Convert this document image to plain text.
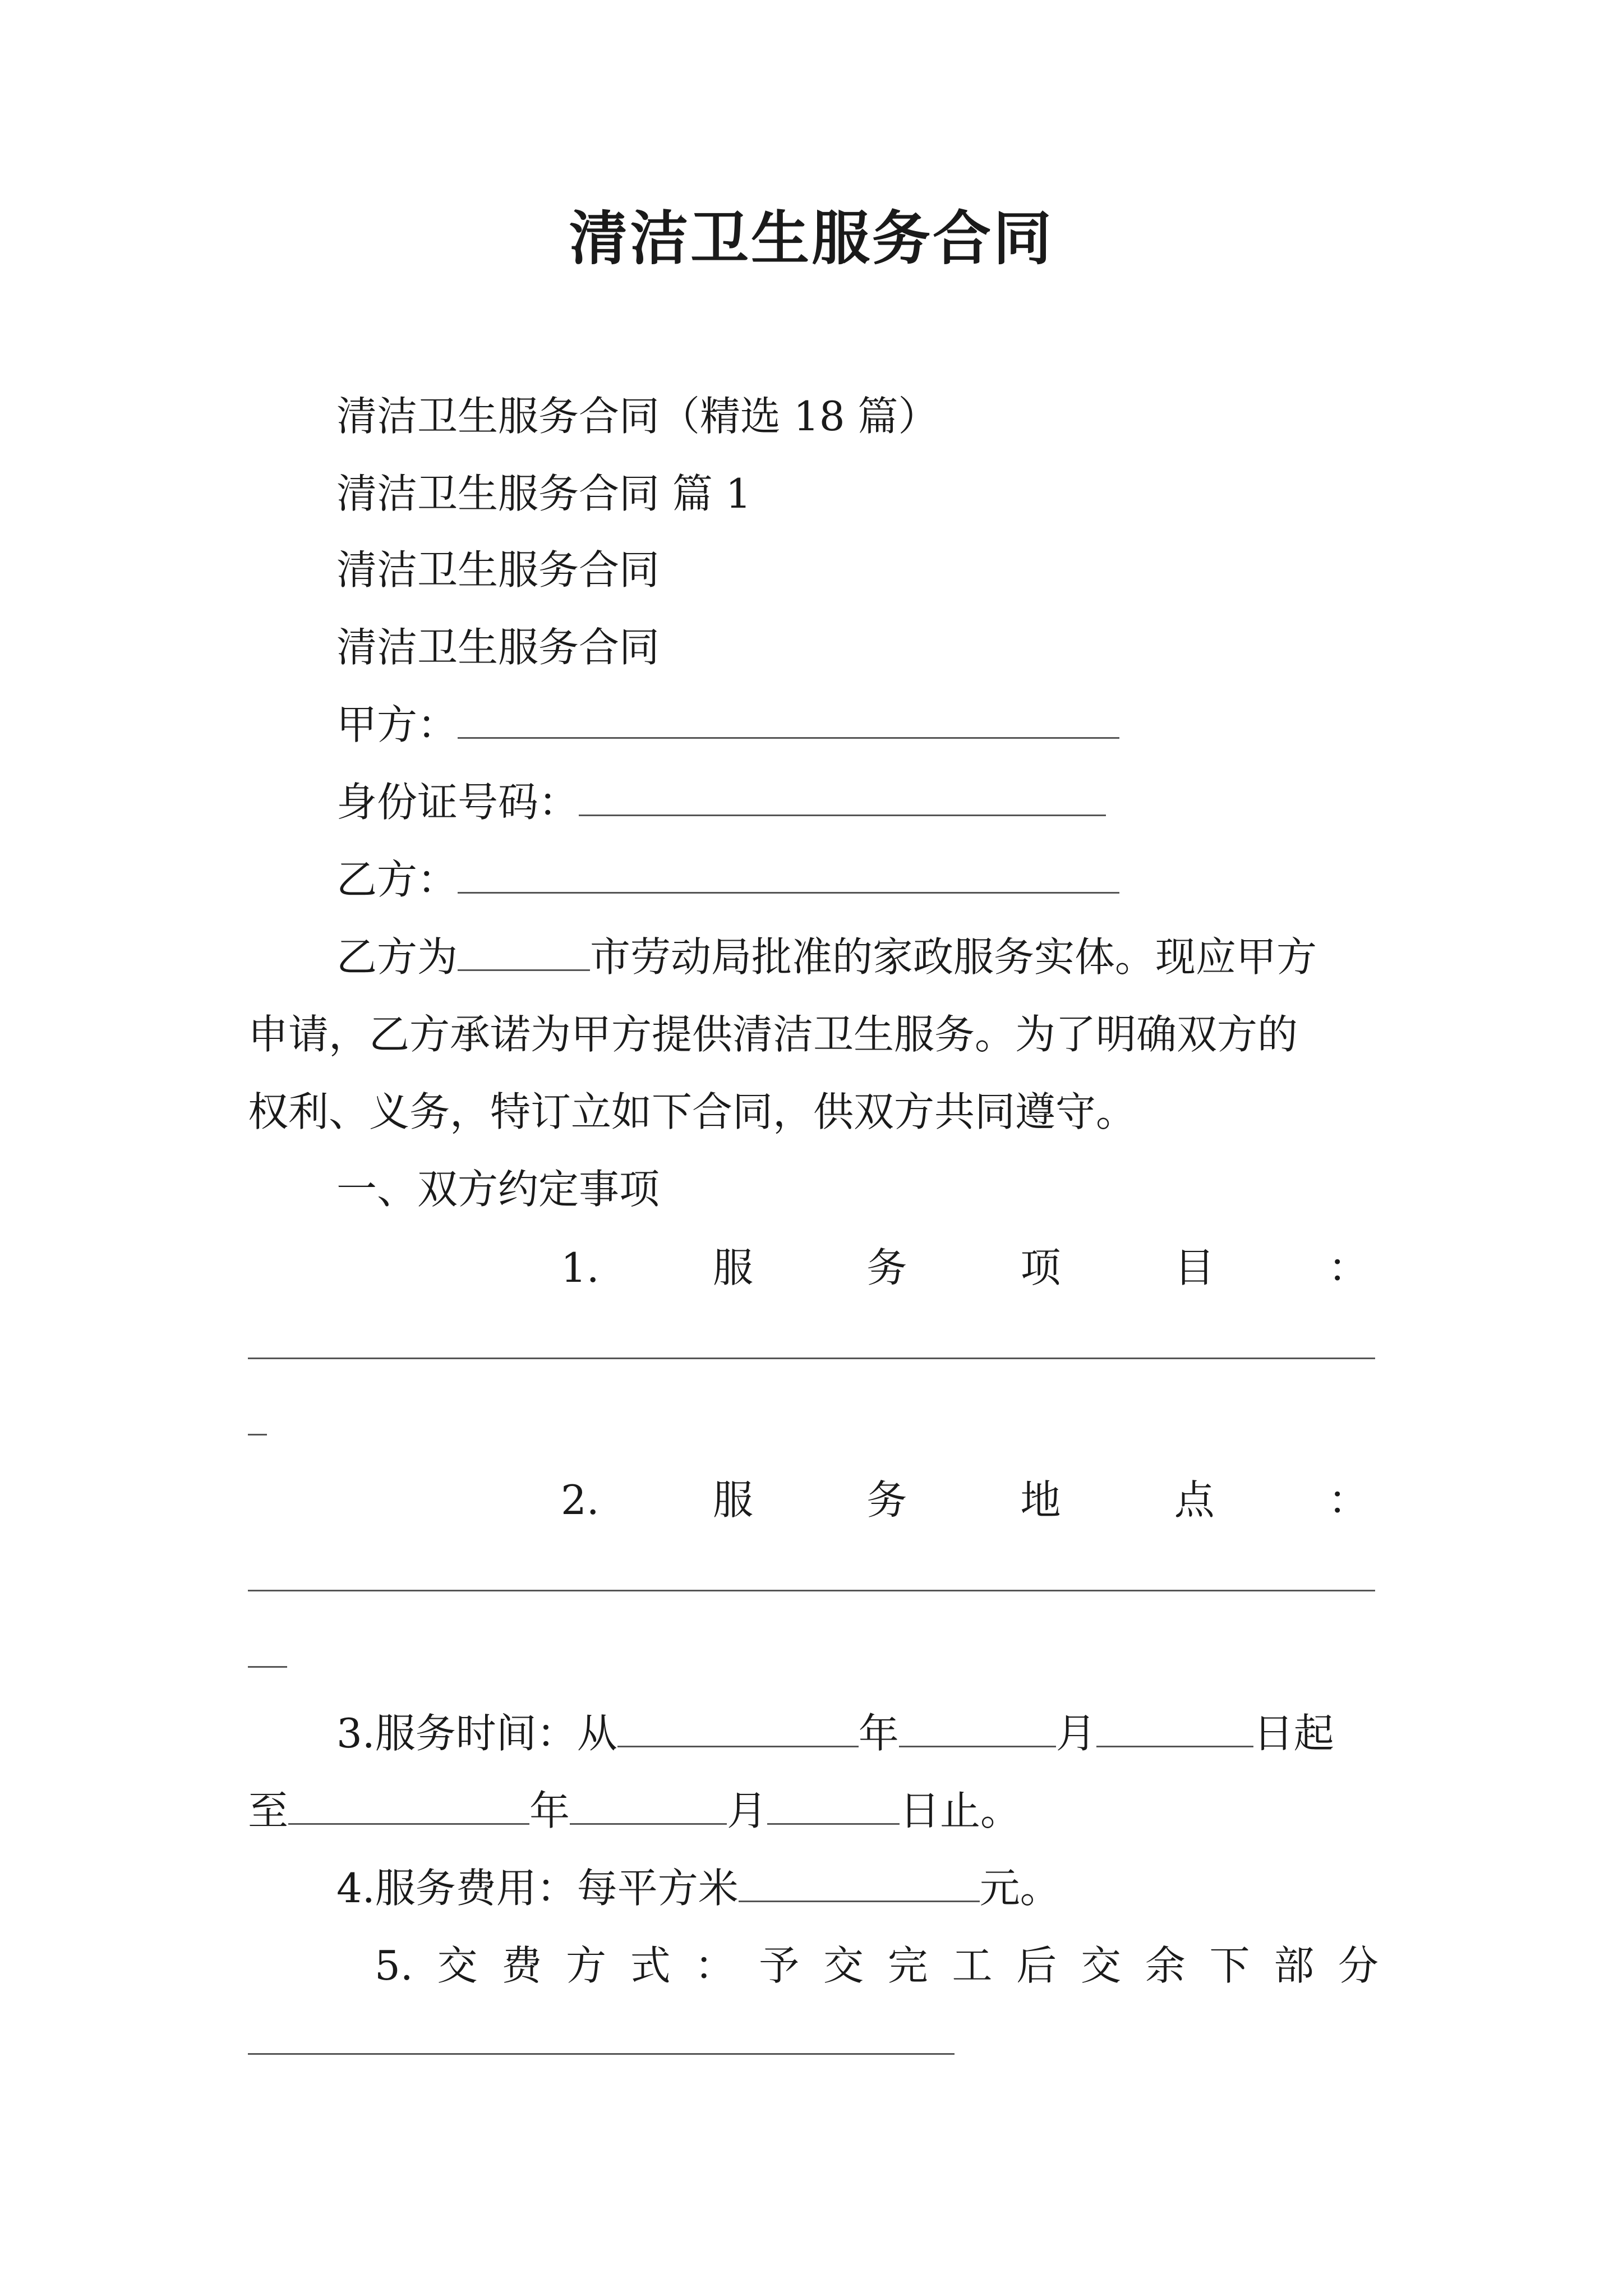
清洁卫生服务合同
清洁卫生服务合同（精选 18 篇）
清洁卫生服务合同 篇 1
清洁卫生服务合同
清洁卫生服务合同
甲方：
身份证号码：
乙方：
乙方为	市劳动局批准的家政服务实体。现应甲方
申请，乙方承诺为甲方提供清洁卫生服务。为了明确双方的
权利、义务，特订立如下合同，供双方共同遵守。
一、双方约定事项
1.	服	务	项	目	：
2.	服	务	地	点	：
3.服务时间：从	年	月	日起
至	年	月	日止。
4.服务费用：每平方米	元。
5. 交 费 方 式 ： 予 交 完 工 后 交 余 下 部 分
